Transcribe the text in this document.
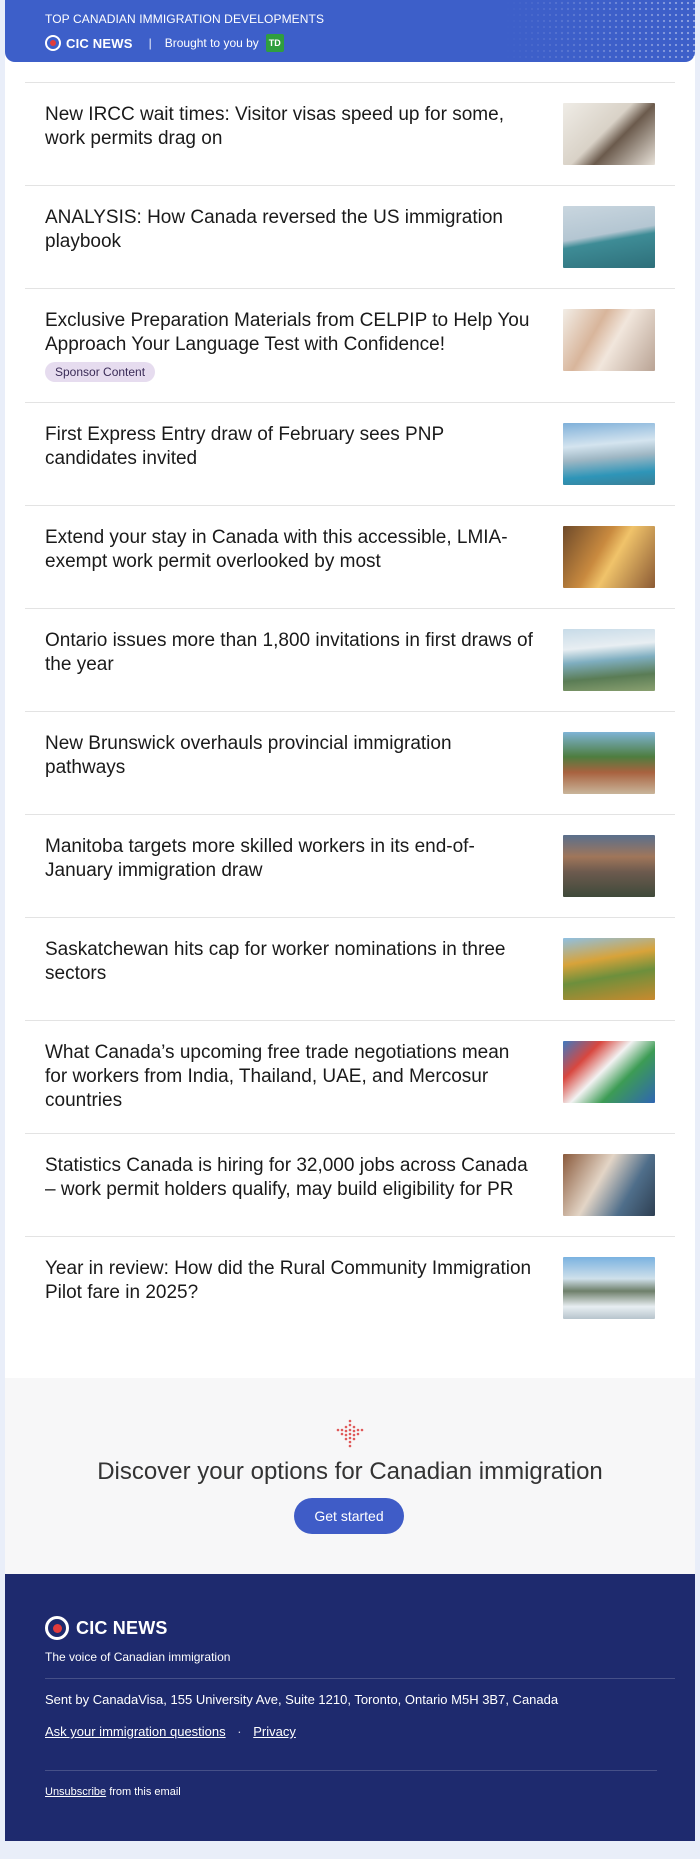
TOP CANADIAN IMMIGRATION DEVELOPMENTS
CIC NEWS | Brought to you by	TD
New IRCC wait times: Visitor visas speed up for some, work permits drag on
ANALYSIS: How Canada reversed the US immigration playbook
Exclusive Preparation Materials from CELPIP to Help You Approach Your Language Test with Confidence!
Sponsor Content
First Express Entry draw of February sees PNP candidates invited
Extend your stay in Canada with this accessible, LMIA-exempt work permit overlooked by most
Ontario issues more than 1,800 invitations in first draws of the year
New Brunswick overhauls provincial immigration pathways
Manitoba targets more skilled workers in its end-of-January immigration draw
Saskatchewan hits cap for worker nominations in three sectors
What Canada’s upcoming free trade negotiations mean for workers from India, Thailand, UAE, and Mercosur countries
Statistics Canada is hiring for 32,000 jobs across Canada – work permit holders qualify, may build eligibility for PR
Year in review: How did the Rural Community Immigration Pilot fare in 2025?
Discover your options for Canadian immigration
Get started
CIC NEWS
The voice of Canadian immigration
Sent by CanadaVisa, 155 University Ave, Suite 1210, Toronto, Ontario M5H 3B7, Canada
Ask your immigration questions · Privacy
Unsubscribe from this email
